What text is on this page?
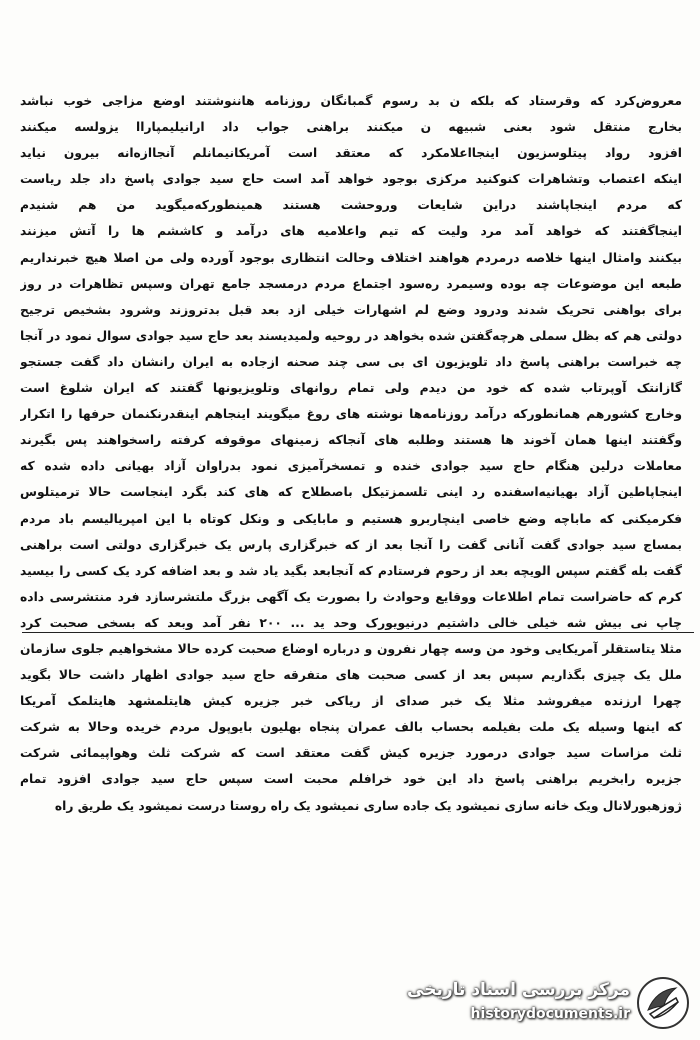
معروض‌کرد که وقرستاد که بلکه ن بد رسوم گمبانگان روزنامه هاننوشتند اوضع مزاجی خوب نباشد
بخارج منتقل شود بعنی شبیهه ن میکنند براهنی جواب داد ارانیلیمپاراا یزولسه میکنند
افزود رواد پیتلوسزیون اینجااعلامکرد که معتقد است آمریکانیمانلم آنجاازه‌انه بیرون نیاید
اینکه اعتصاب وتشاهرات کنوکنید مرکزی بوجود خواهد آمد است حاج سید جوادی پاسخ داد جلد ریاست
که مردم اینجاپاشند دراین شایعات وروحشت هستند همینطورکه‌میگوید من هم شنیدم
اینجاگفتند که خواهد آمد مرد ولیت که تیم واعلامیه های درآمد و کاششم ها را آتش میزنند
بیکنند وامثال اینها خلاصه درمردم هواهند اختلاف وحالت انتظاری بوجود آورده ولی من اصلا هیچ خبرنداریم
طبعه این موضوعات چه بوده وسیمرد ره‌سود اجتماع مردم درمسجد جامع تهران وسپس تظاهرات در روز
برای بواهنی تحریک شدند ودرود وضع لم اشهارات خیلی ازد بعد قبل بدتروزند وشرود بشخیص ترجیح
دولتی هم که بظل سملی هرچه‌گفتن شده بخواهد در روحیه ولمیدیسند بعد حاج سید جوادی سوال نمود در آنجا
چه خبراست براهنی پاسخ داد تلویزیون ای بی سی چند صحنه ازجاده به ایران رانشان داد گفت جستجو
گازانتک آوپرتاب شده که خود من دیدم ولی تمام روانهای وتلویزیونها گفتند که ایران شلوغ است
وخارج کشورهم همانطورکه درآمد روزنامه‌ها نوشته های روغ میگویند اینجاهم اینقدرنکنمان حرفها را اتکرار
وگفتند اینها همان آخوند ها هستند وطلبه های آنجاکه زمینهای موقوفه کرفته راسخواهند پس بگیرند
معاملات درلین هنگام حاج سید جوادی خنده و تمسخرآمیزی نمود بدراوان آزاد بهیانی داده شده که
اینجاپاطین آزاد بهیانیه‌اسفنده رد اینی تلسمزتیکل باصطلاح که های کند بگرد اینجاست حالا ترمیتلوس
فکرمیکنی که ماباچه وضع خاصی اینچاربرو هستیم و مابایکی و ونکل کوتاه با این امپریالیسم باد مردم
بمساج سید جوادی گفت آنانی گفت را آنجا بعد از که خبرگزاری پارس یک خبرگزاری دولتی است براهنی
گفت بله گفتم سپس الویچه بعد از رحوم فرستادم که آنجابعد بگید یاد شد و بعد اضافه کرد یک کسی را بیسید
کرم که حاضراست تمام اطلاعات ووقایع وحوادث را بصورت یک آگهی بزرگ ملتشرسازد فرد منتشرسی داده
چاپ نی بیش شه خیلی خالی داشتیم درنیویورک وحد ید ... ۲۰۰ نفر آمد وبعد که بسخی صحبت کرد
مثلا یتاستقلر آمریکایی وخود من وسه چهار نفرون و درباره اوضاع صحبت کرده حالا مشخواهیم جلوی سازمان
ملل یک چیزی بگذاریم سپس بعد از کسی صحبت های متفرقه حاج سید جوادی اظهار داشت حالا بگوید
چهرا ارزنده میفروشد مثلا یک خبر صدای از ریاکی خبر جزیره کیش هایتلمشهد هایتلمک آمریکا
که اینها وسیله یک ملت بفیلمه بحساب بالف عمران پنجاه بهلیون بایوپول مردم خریده وحالا به شرکت
ثلث مزاسات سید جوادی درمورد جزیره کیش گفت معتقد است که شرکت ثلث وهواپیمائی شرکت
جزیره رابخریم براهنی پاسخ داد این خود خرافلم محبت است سپس حاج سید جوادی افزود تمام
ژوزهبورلانال ویک خانه سازی نمیشود یک جاده ساری نمیشود یک راه روستا درست نمیشود یک طریق راه
مرکز بررسی اسناد تاریخی
historydocuments.ir
